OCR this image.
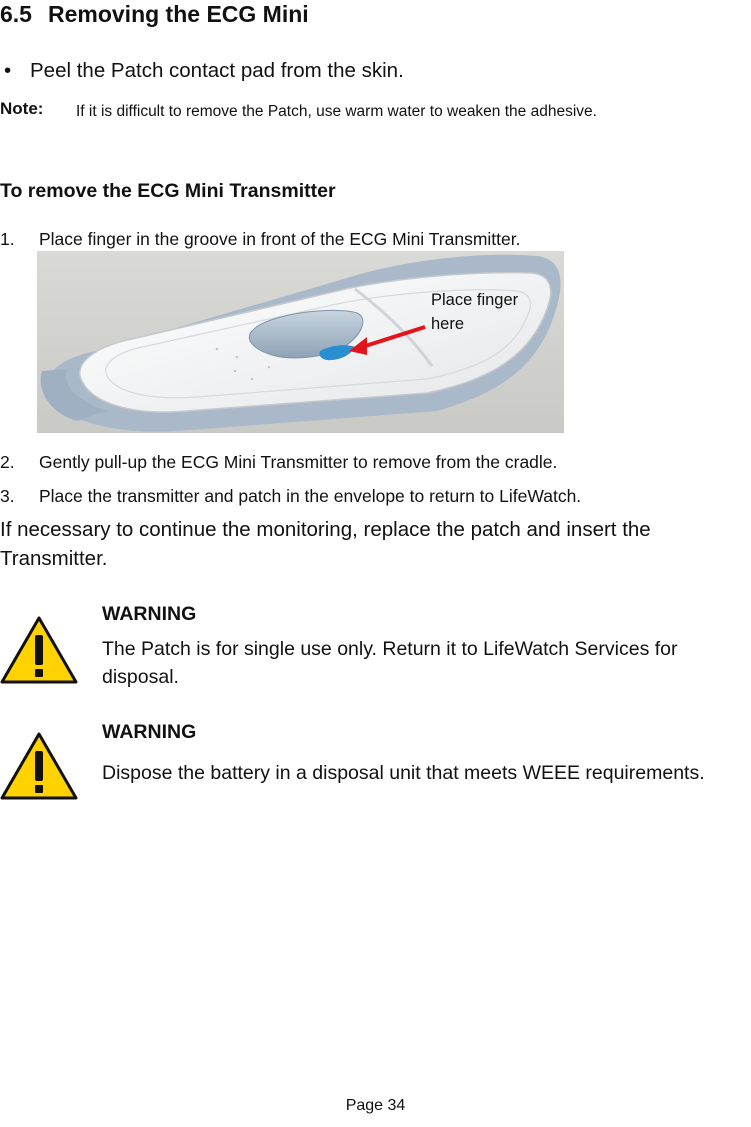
6.5 Removing the ECG Mini
• Peel the Patch contact pad from the skin.
Note: If it is difficult to remove the Patch, use warm water to weaken the adhesive.
To remove the ECG Mini Transmitter
1. Place finger in the groove in front of the ECG Mini Transmitter.
Place finger
here
2. Gently pull-up the ECG Mini Transmitter to remove from the cradle.
3. Place the transmitter and patch in the envelope to return to LifeWatch.
If necessary to continue the monitoring, replace the patch and insert the Transmitter.
WARNING
The Patch is for single use only. Return it to LifeWatch Services for disposal.
WARNING
Dispose the battery in a disposal unit that meets WEEE requirements.
Page 34
